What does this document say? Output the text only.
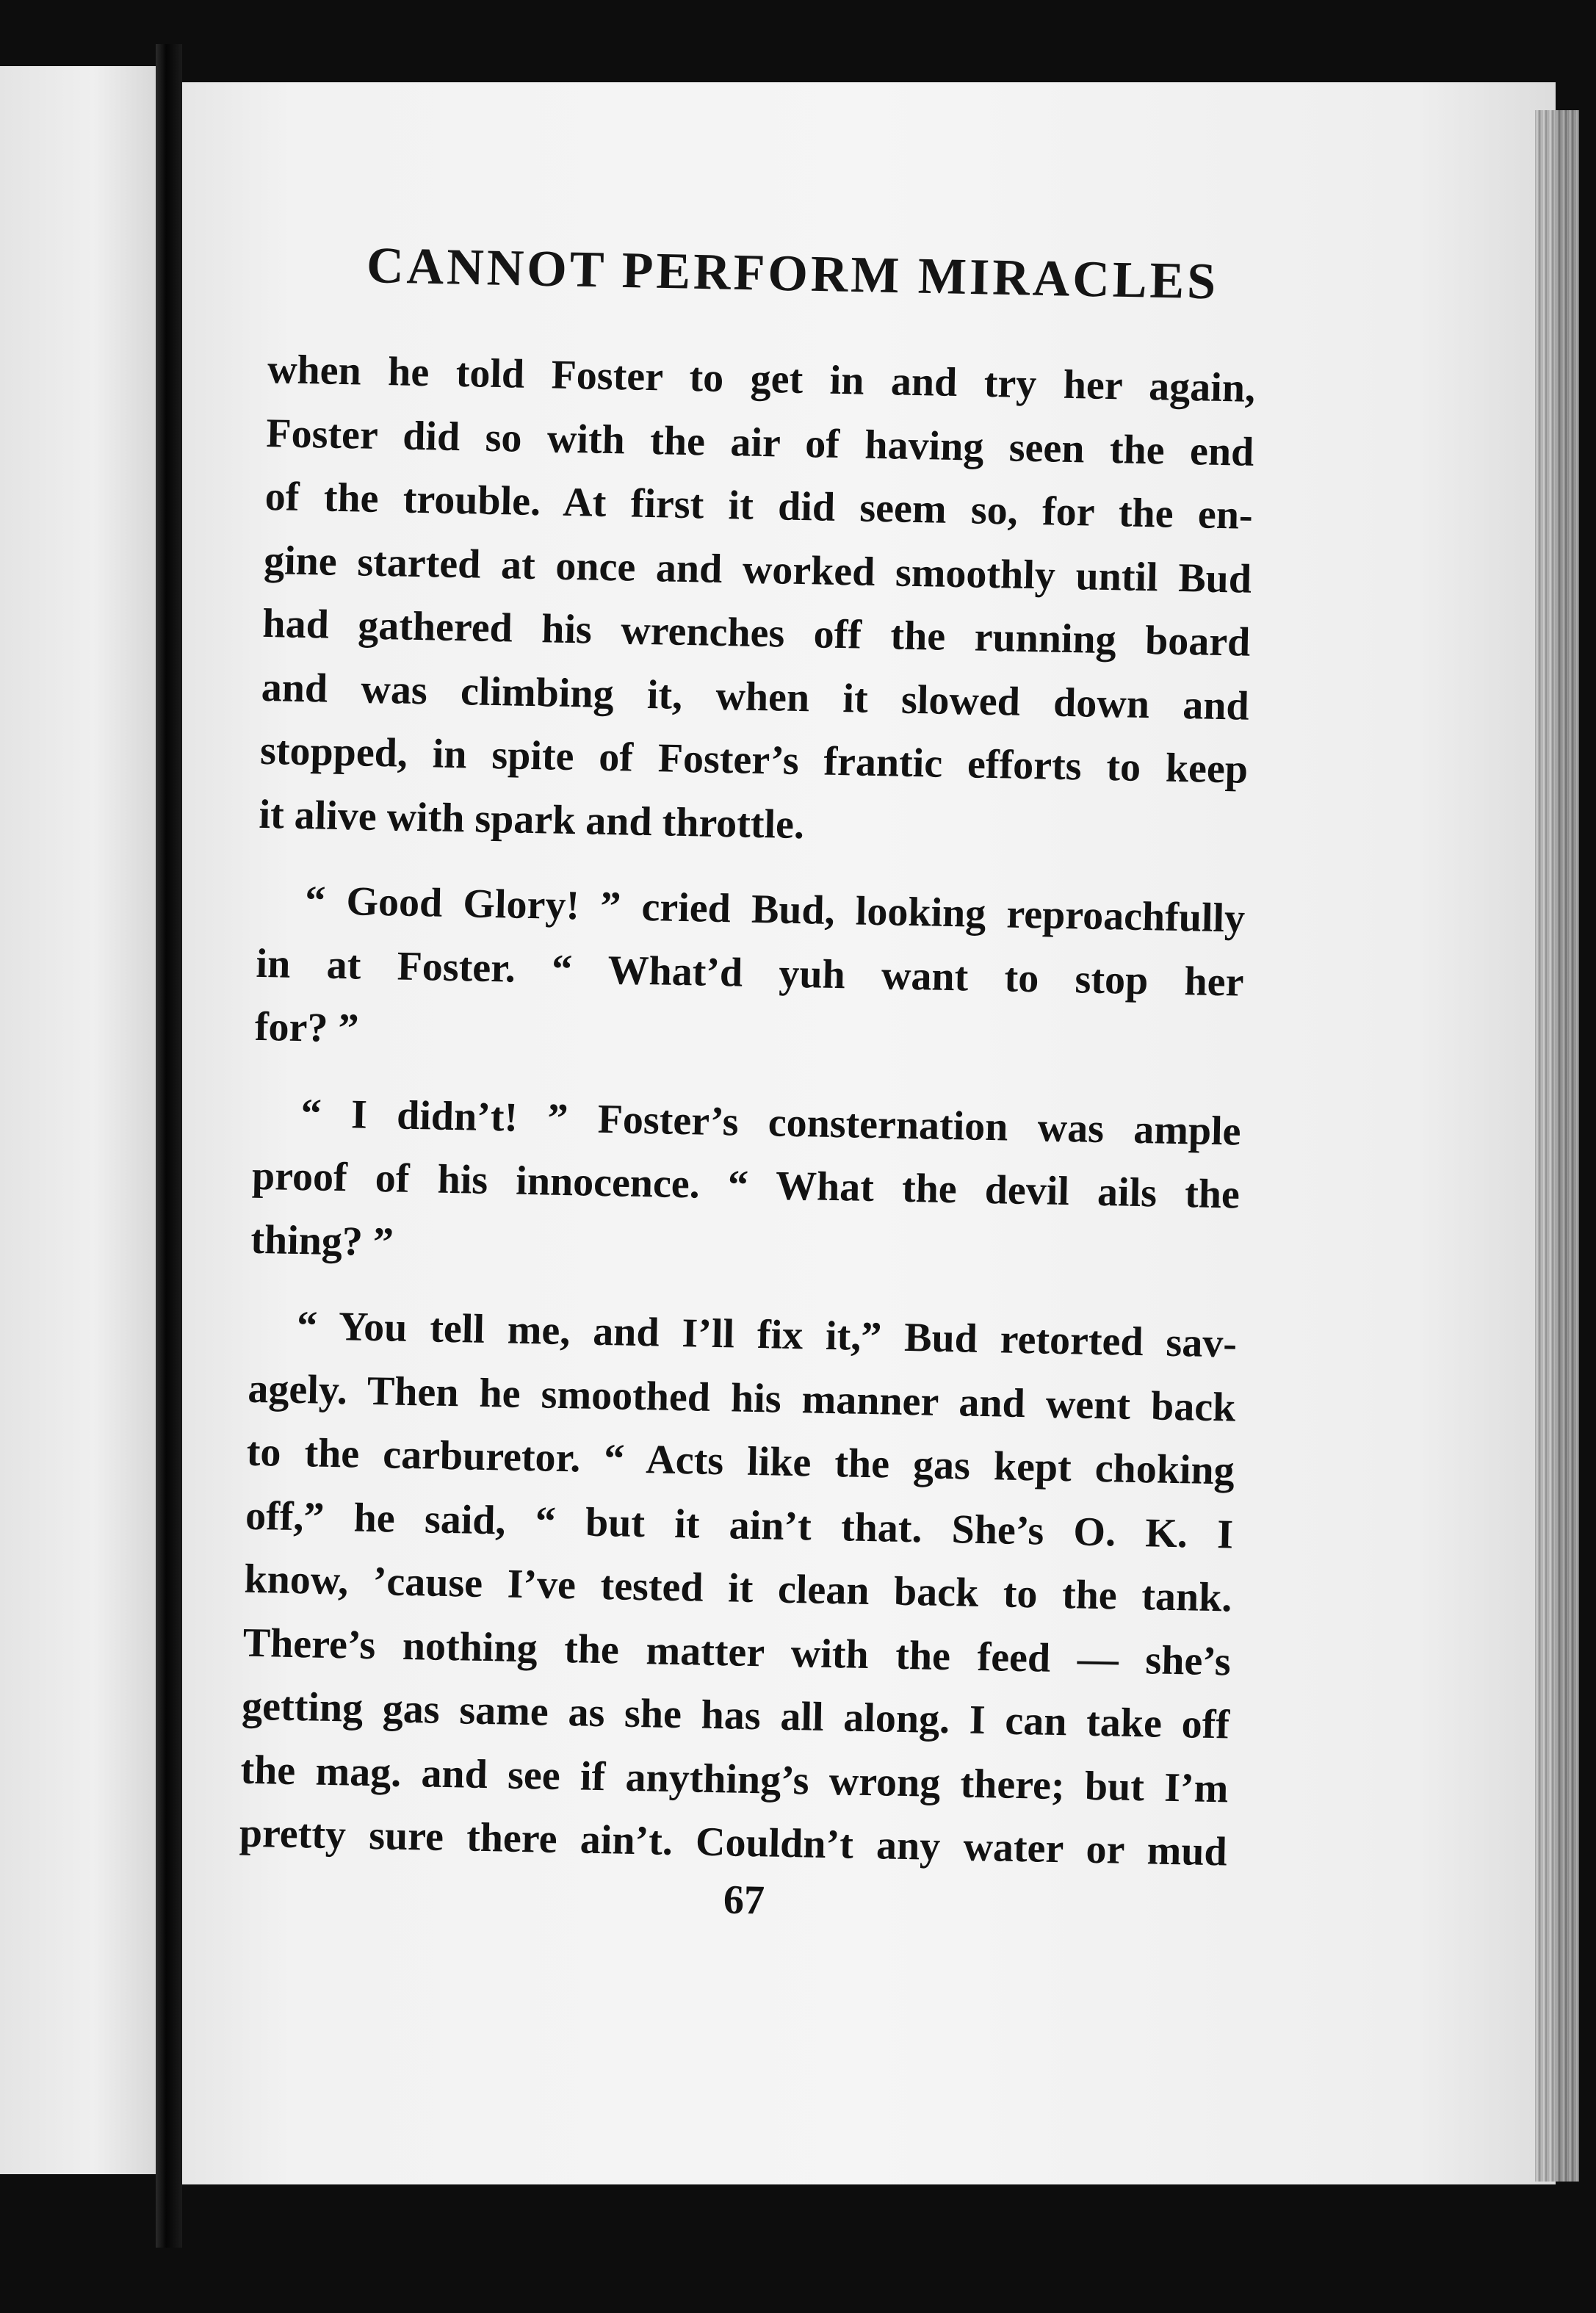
CANNOT PERFORM MIRACLES
when he told Foster to get in and try her again,
Foster did so with the air of having seen the end
of the trouble. At first it did seem so, for the en-
gine started at once and worked smoothly until Bud
had gathered his wrenches off the running board
and was climbing it, when it slowed down and
stopped, in spite of Foster’s frantic efforts to keep
it alive with spark and throttle.
“ Good Glory! ” cried Bud, looking reproachfully
in at Foster. “ What’d yuh want to stop her
for? ”
“ I didn’t! ” Foster’s consternation was ample
proof of his innocence. “ What the devil ails the
thing? ”
“ You tell me, and I’ll fix it,” Bud retorted sav-
agely. Then he smoothed his manner and went back
to the carburetor. “ Acts like the gas kept choking
off,” he said, “ but it ain’t that. She’s O. K. I
know, ’cause I’ve tested it clean back to the tank.
There’s nothing the matter with the feed — she’s
getting gas same as she has all along. I can take off
the mag. and see if anything’s wrong there; but I’m
pretty sure there ain’t. Couldn’t any water or mud
67
